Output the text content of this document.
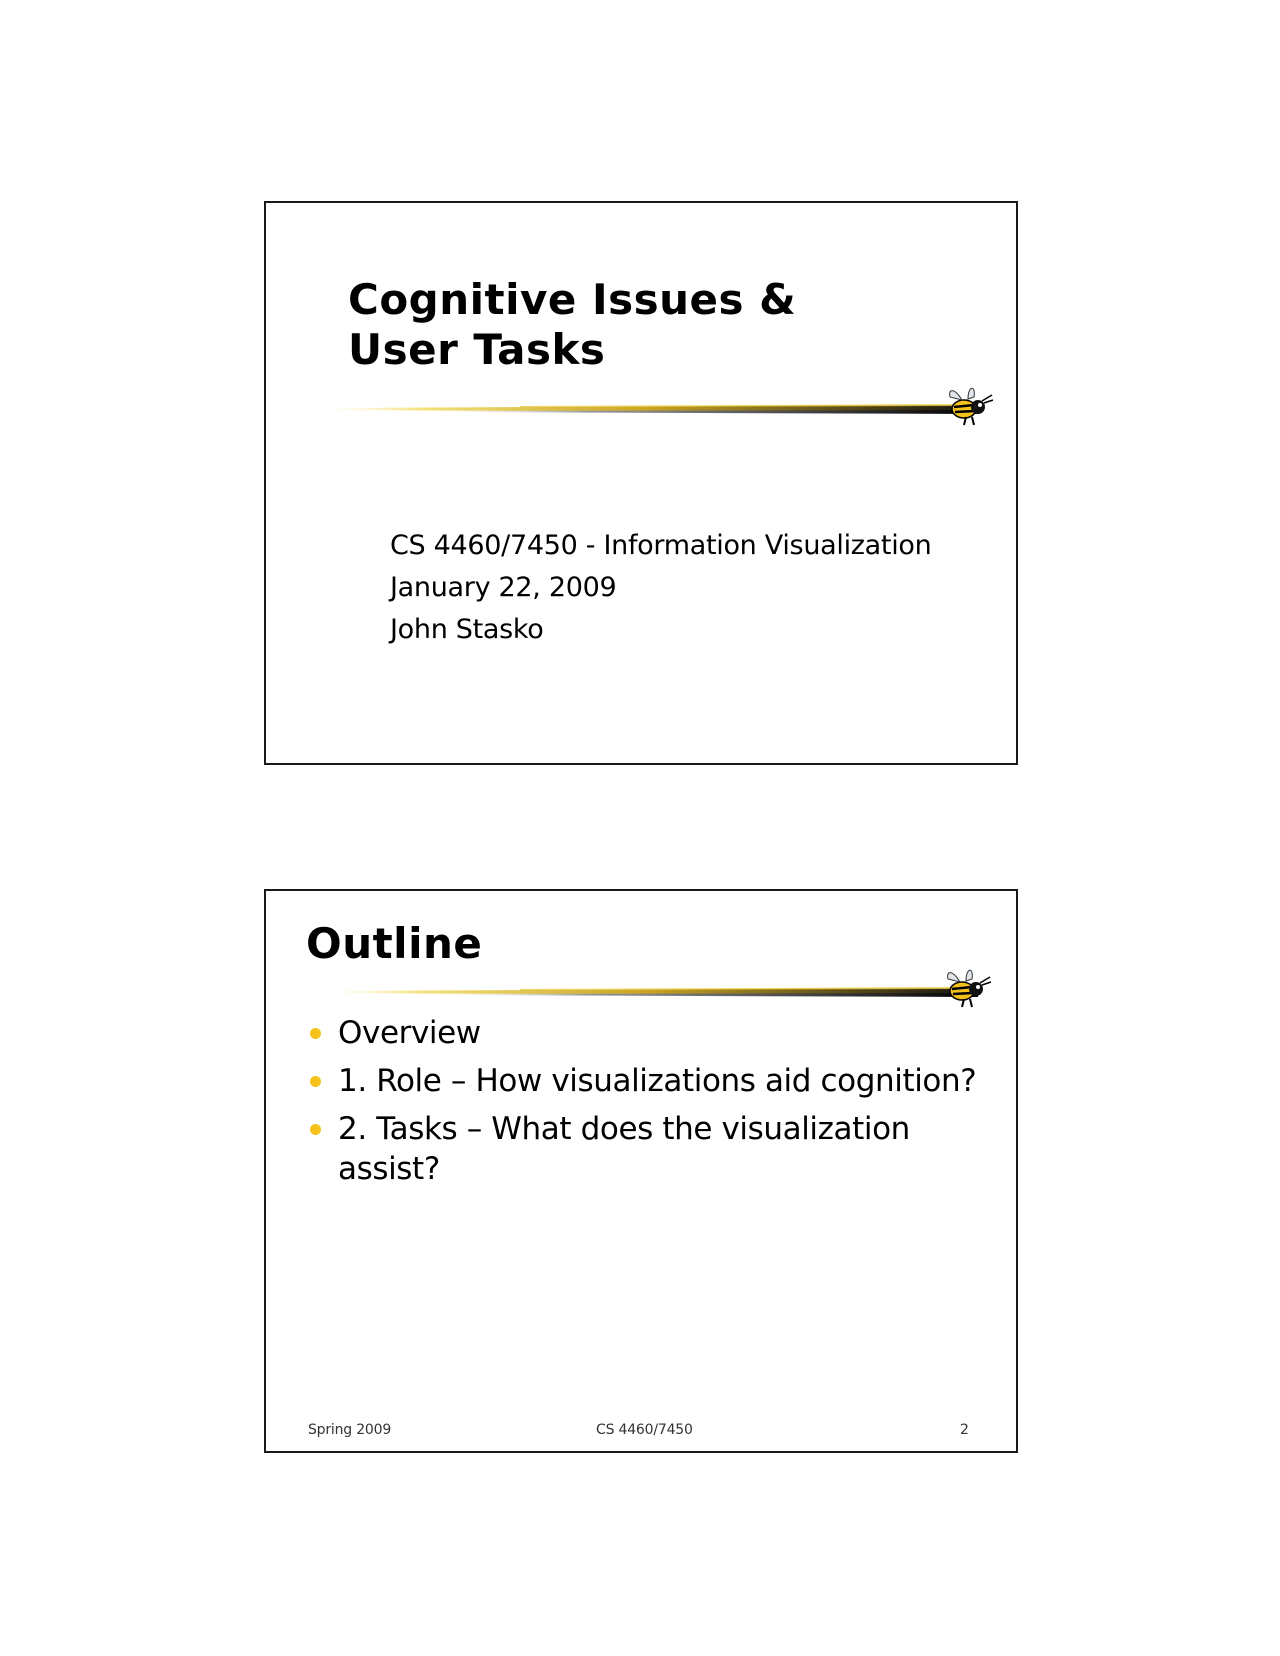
Cognitive Issues &
User Tasks
CS 4460/7450 - Information Visualization
January 22, 2009
John Stasko
Outline
Overview
1. Role – How visualizations aid cognition?
2. Tasks – What does the visualization assist?
Spring 2009	CS 4460/7450	2
